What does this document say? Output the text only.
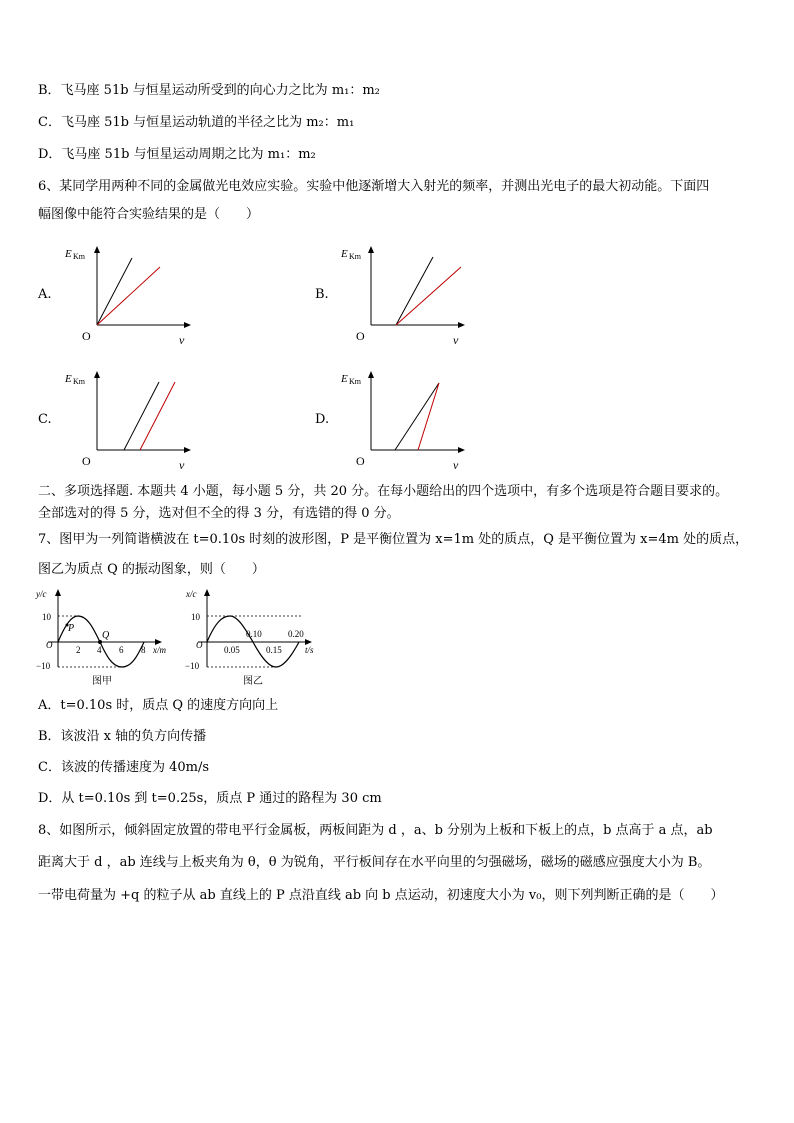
B．飞马座 51b 与恒星运动所受到的向心力之比为 m₁：m₂
C．飞马座 51b 与恒星运动轨道的半径之比为 m₂：m₁
D．飞马座 51b 与恒星运动周期之比为 m₁：m₂
6、某同学用两种不同的金属做光电效应实验。实验中他逐渐增大入射光的频率，并测出光电子的最大初动能。下面四
幅图像中能符合实验结果的是（　　）
A.	B.
C.	D.
E Km
O	ν
E Km
O	ν
E Km
O	ν
E Km
O	ν
二、多项选择题. 本题共 4 小题，每小题 5 分，共 20 分。在每小题给出的四个选项中，有多个选项是符合题目要求的。
全部选对的得 5 分，选对但不全的得 3 分，有选错的得 0 分。
7、图甲为一列简谐横波在 t=0.10s 时刻的波形图，P 是平衡位置为 x=1m 处的质点，Q 是平衡位置为 x=4m 处的质点，
图乙为质点 Q 的振动图象，则（　　）
y/c
10
−10
O
P
Q
2 4 6 8 x/m
图甲
x/c
10
−10
O
0.10	0.20
0.05	0.15	t/s
图乙
A．t=0.10s 时，质点 Q 的速度方向向上
B．该波沿 x 轴的负方向传播
C．该波的传播速度为 40m/s
D．从 t=0.10s 到 t=0.25s，质点 P 通过的路程为 30 cm
8、如图所示，倾斜固定放置的带电平行金属板，两板间距为 d ，a、b 分别为上板和下板上的点，b 点高于 a 点，ab
距离大于 d ，ab 连线与上板夹角为 θ，θ 为锐角，平行板间存在水平向里的匀强磁场，磁场的磁感应强度大小为 B。
一带电荷量为 +q 的粒子从 ab 直线上的 P 点沿直线 ab 向 b 点运动，初速度大小为 v₀，则下列判断正确的是（　　）
